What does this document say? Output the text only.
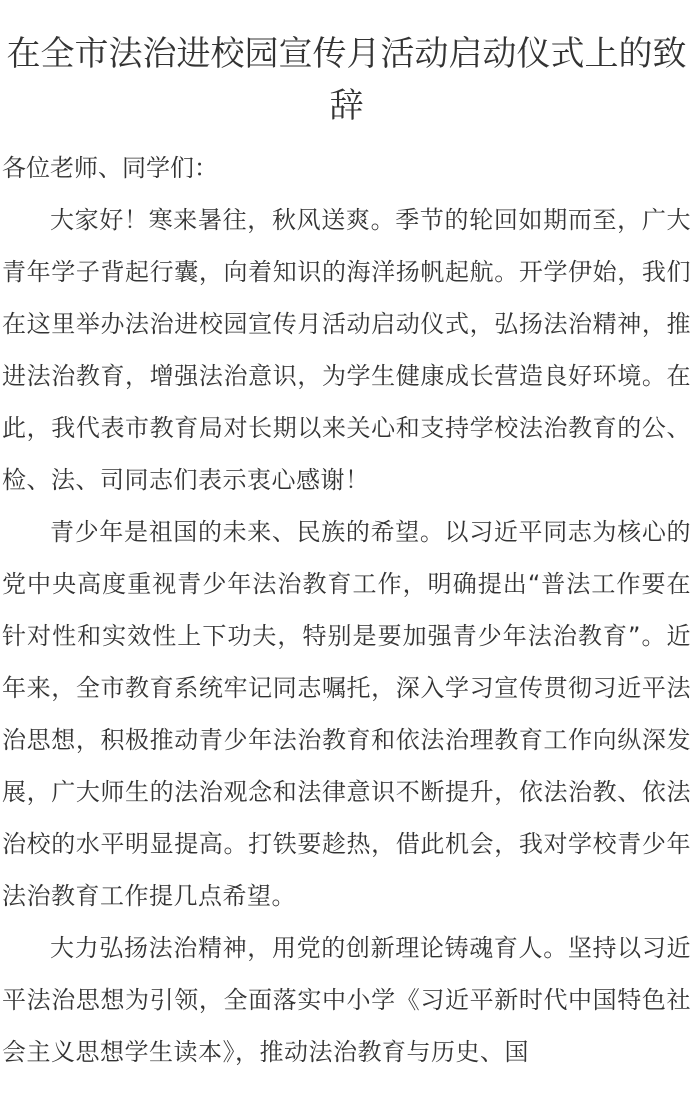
在全市法治进校园宣传月活动启动仪式上的致辞

各位老师、同学们：

大家好！寒来暑往，秋风送爽。季节的轮回如期而至，广大青年学子背起行囊，向着知识的海洋扬帆起航。开学伊始，我们在这里举办法治进校园宣传月活动启动仪式，弘扬法治精神，推进法治教育，增强法治意识，为学生健康成长营造良好环境。在此，我代表市教育局对长期以来关心和支持学校法治教育的公、检、法、司同志们表示衷心感谢！

青少年是祖国的未来、民族的希望。以习近平同志为核心的党中央高度重视青少年法治教育工作，明确提出“普法工作要在针对性和实效性上下功夫，特别是要加强青少年法治教育”。近年来，全市教育系统牢记同志嘱托，深入学习宣传贯彻习近平法治思想，积极推动青少年法治教育和依法治理教育工作向纵深发展，广大师生的法治观念和法律意识不断提升，依法治教、依法治校的水平明显提高。打铁要趁热，借此机会，我对学校青少年法治教育工作提几点希望。

大力弘扬法治精神，用党的创新理论铸魂育人。坚持以习近平法治思想为引领，全面落实中小学《习近平新时代中国特色社会主义思想学生读本》，推动法治教育与历史、国
